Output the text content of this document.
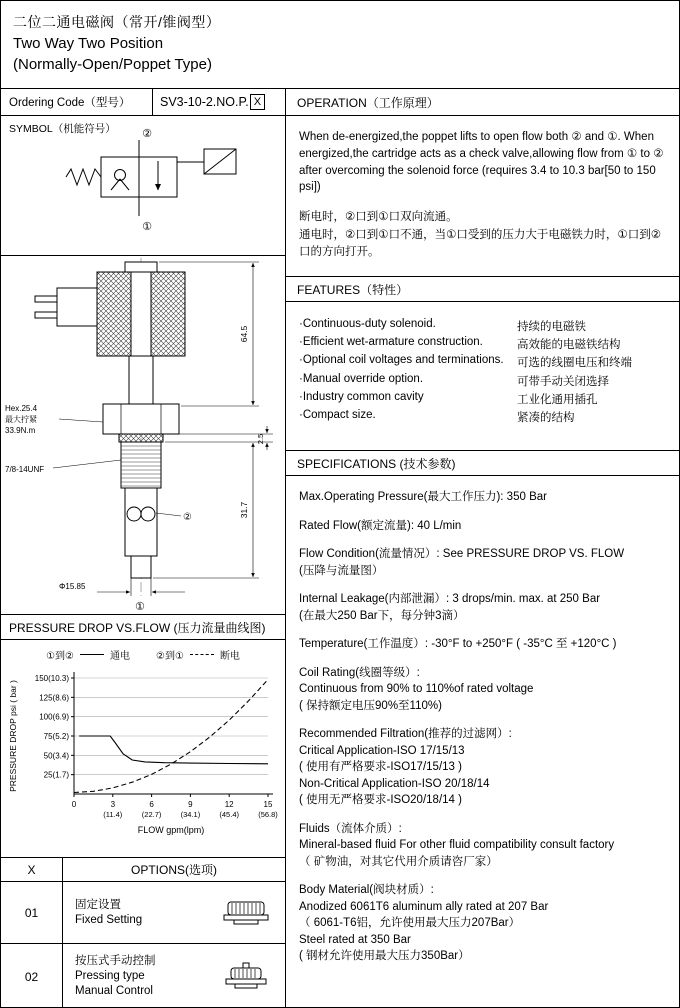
二位二通电磁阀（常开/锥阀型）
Two Way Two Position
(Normally-Open/Poppet Type)
Ordering Code（型号）	SV3-10-2.NO.P. X
SYMBOL（机能符号） ②
①
64.5
2.5
31.7
Φ15.85
Hex.25.4
最大拧紧
33.9N.m
7/8-14UNF
②
①
PRESSURE DROP VS.FLOW (压力流量曲线图)
①到②	通电	②到①	断电
25(1.7)
50(3.4)
75(5.2)
100(6.9)
125(8.6)
150(10.3)
0	3
(11.4)
6
(22.7)
9
(34.1)
12
(45.4)
15
(56.8)
FLOW gpm(lpm)
PRESSURE DROP psi ( bar )
X	OPTIONS(选项)
01
固定设置
Fixed Setting
02
按压式手动控制
Pressing type
Manual Control
OPERATION（工作原理）
When de-energized,the poppet lifts to open flow both ② and ①. When energized,the cartridge acts as a check valve,allowing flow from ① to ② after overcoming the solenoid force (requires 3.4 to 10.3 bar[50 to 150 psi])
断电时，②口到①口双向流通。
通电时，②口到①口不通，当①口受到的压力大于电磁铁力时，①口到②口的方向打开。
FEATURES（特性）
·Continuous-duty solenoid.	持续的电磁铁
·Efficient wet-armature construction.	高效能的电磁铁结构
·Optional coil voltages and terminations.	可选的线圈电压和终端
·Manual override option.	可带手动关闭选择
·Industry common cavity	工业化通用插孔
·Compact size.	紧凑的结构
SPECIFICATIONS (技术参数)
Max.Operating Pressure(最大工作压力): 350 Bar
Rated Flow(额定流量): 40 L/min
Flow Condition(流量情况）: See PRESSURE DROP VS. FLOW
(压降与流量图）
Internal Leakage(内部泄漏）: 3 drops/min. max. at 250 Bar
(在最大250 Bar下，每分钟3滴）
Temperature(工作温度）: -30°F to +250°F ( -35°C 至 +120°C )
Coil Rating(线圈等级）:
Continuous from 90% to 110%of rated voltage
( 保持额定电压90%至110%)
Recommended Filtration(推荐的过滤网）:
Critical Application-ISO 17/15/13
( 使用有严格要求-ISO17/15/13 )
Non-Critical Application-ISO 20/18/14
( 使用无严格要求-ISO20/18/14 )
Fluids（流体介质）:
Mineral-based fluid For other fluid compatibility consult factory
（ 矿物油，对其它代用介质请咨厂家）
Body Material(阀块材质）:
Anodized 6061T6 aluminum ally rated at 207 Bar
（ 6061-T6铝，允许使用最大压力207Bar）
Steel rated at 350 Bar
( 钢材允许使用最大压力350Bar）
